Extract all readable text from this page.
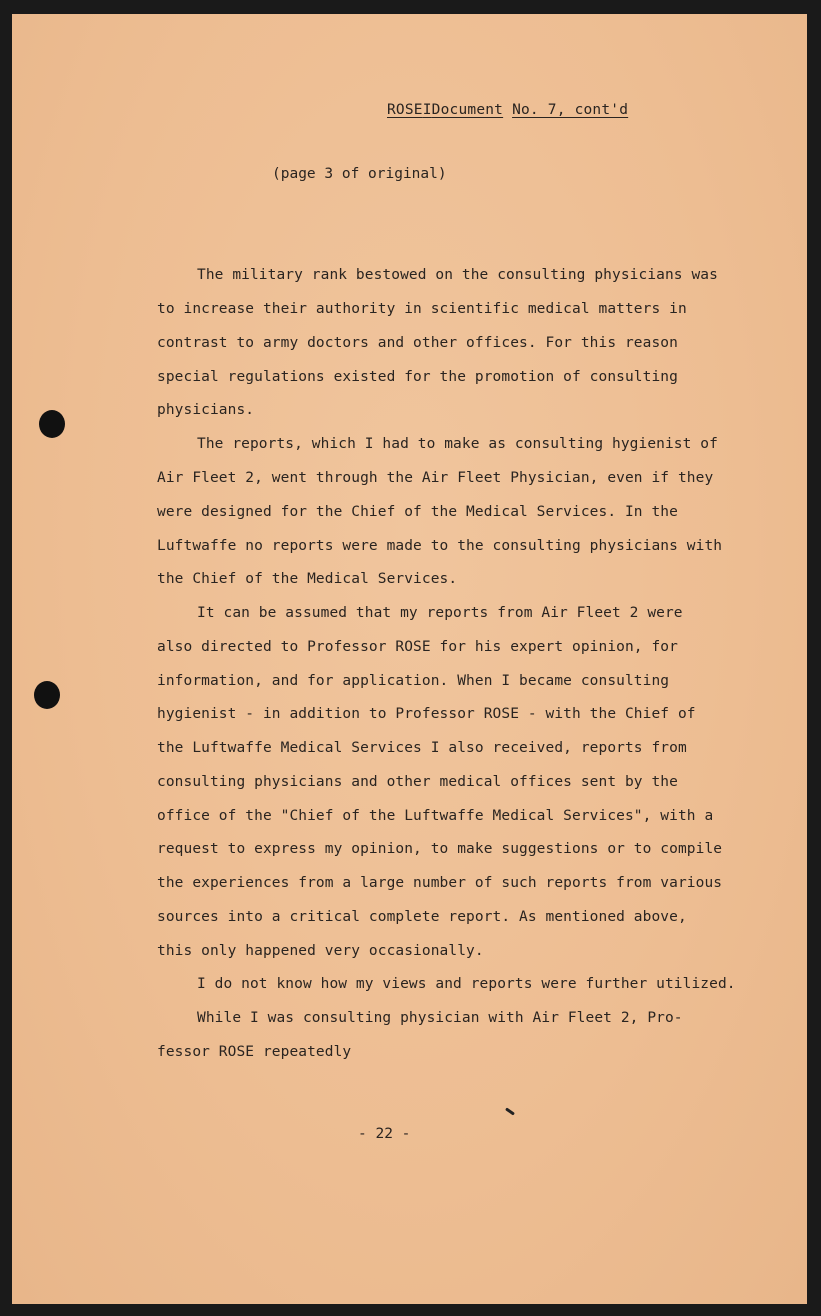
ROSEIDocument No. 7, cont'd
(page 3 of original)
The military rank bestowed on the consulting physicians was
to increase their authority in scientific medical matters in
contrast to army doctors and other offices. For this reason
special regulations existed for the promotion of consulting
physicians.
The reports, which I had to make as consulting hygienist of
Air Fleet 2, went through the Air Fleet Physician, even if they
were designed for the Chief of the Medical Services. In the
Luftwaffe no reports were made to the consulting physicians with
the Chief of the Medical Services.
It can be assumed that my reports from Air Fleet 2 were
also directed to Professor ROSE for his expert opinion, for
information, and for application. When I became consulting
hygienist - in addition to Professor ROSE - with the Chief of
the Luftwaffe Medical Services I also received, reports from
consulting physicians and other medical offices sent by the
office of the "Chief of the Luftwaffe Medical Services", with a
request to express my opinion, to make suggestions or to compile
the experiences from a large number of such reports from various
sources into a critical complete report. As mentioned above,
this only happened very occasionally.
I do not know how my views and reports were further utilized.
While I was consulting physician with Air Fleet 2, Pro-
fessor ROSE repeatedly
- 22 -
